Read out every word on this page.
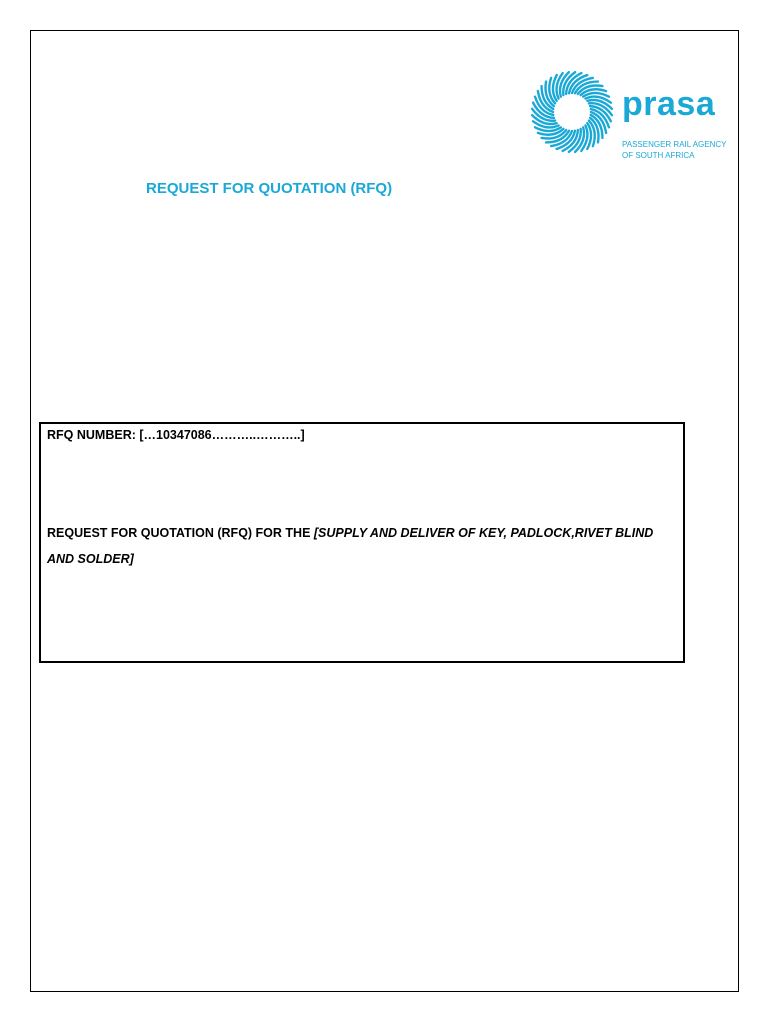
prasa
PASSENGER RAIL AGENCY
OF SOUTH AFRICA
REQUEST FOR QUOTATION (RFQ)
RFQ NUMBER: […10347086………..………..]
REQUEST FOR QUOTATION (RFQ) FOR THE [SUPPLY AND DELIVER OF KEY, PADLOCK,RIVET BLIND AND SOLDER]
